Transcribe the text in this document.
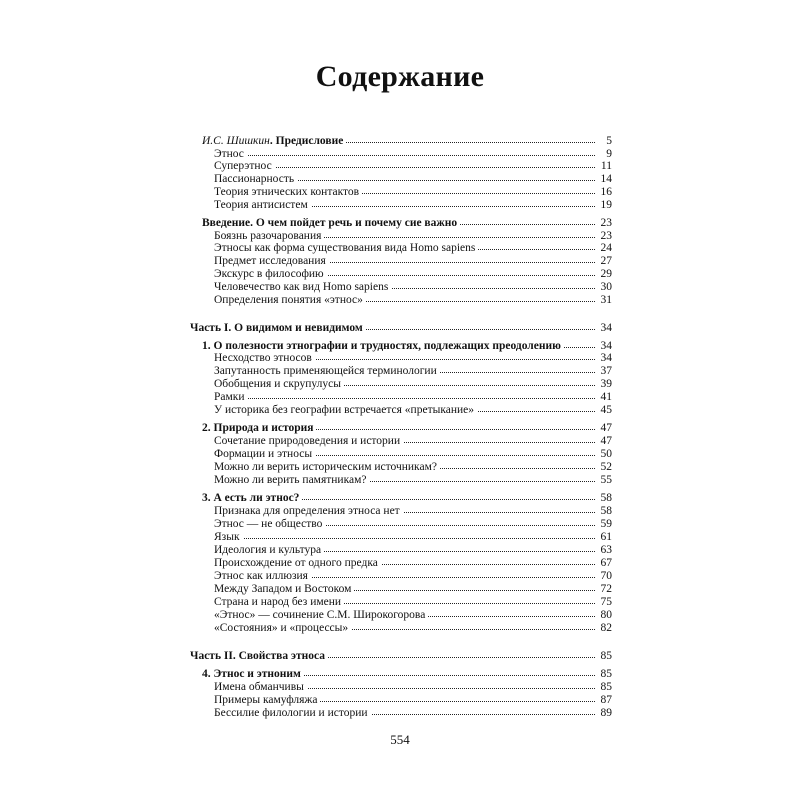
Содержание
И.С. Шишкин. Предисловие	5
Этнос	9
Суперэтнос	11
Пассионарность	14
Теория этнических контактов	16
Теория антисистем	19
Введение. О чем пойдет речь и почему сие важно	23
Боязнь разочарования	23
Этносы как форма существования вида Homo sapiens	24
Предмет исследования	27
Экскурс в философию	29
Человечество как вид Homo sapiens	30
Определения понятия «этнос»	31
Часть I. О видимом и невидимом	34
1. О полезности этнографии и трудностях, подлежащих преодолению	34
Несходство этносов	34
Запутанность применяющейся терминологии	37
Обобщения и скрупулусы	39
Рамки	41
У историка без географии встречается «претыкание»	45
2. Природа и история	47
Сочетание природоведения и истории	47
Формации и этносы	50
Можно ли верить историческим источникам?	52
Можно ли верить памятникам?	55
3. А есть ли этнос?	58
Признака для определения этноса нет	58
Этнос — не общество	59
Язык	61
Идеология и культура	63
Происхождение от одного предка	67
Этнос как иллюзия	70
Между Западом и Востоком	72
Страна и народ без имени	75
«Этнос» — сочинение С.М. Широкогорова	80
«Состояния» и «процессы»	82
Часть II. Свойства этноса	85
4. Этнос и этноним	85
Имена обманчивы	85
Примеры камуфляжа	87
Бессилие филологии и истории	89
554
